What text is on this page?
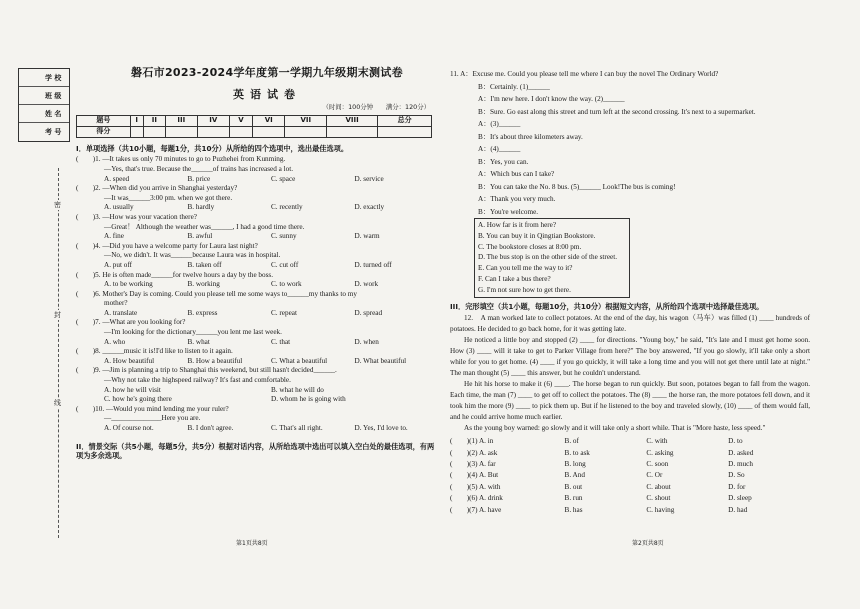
学 校
班 级
姓 名
考 号
密
封
线
磐石市2023-2024学年度第一学期九年级期末测试卷
英语试卷
（时间：100分钟　　满分：120分）
题号	I	II	III	IV	V	VI	VII	VIII	总分
得分									
I．单项选择（共10小题，每题1分，共10分）从所给的四个选项中，选出最佳选项。
(　　)1. —It takes us only 70 minutes to go to Puzhehei from Kunming.
—Yes, that's true. Because the______of trains has increased a lot.
A. speed	B. price	C. space	D. service
(　　)2. —When did you arrive in Shanghai yesterday?
—It was______3:00 pm. when we got there.
A. usually	B. hardly	C. recently	D. exactly
(　　)3. —How was your vacation there?
—Great！ Although the weather was______, I had a good time there.
A. fine	B. awful	C. sunny	D. warm
(　　)4. —Did you have a welcome party for Laura last night?
—No, we didn't. It was______because Laura was in hospital.
A. put off	B. taken off	C. cut off	D. turned off
(　　)5. He is often made______for twelve hours a day by the boss.
A. to be working	B. working	C. to work	D. work
(　　)6. Mother's Day is coming. Could you please tell me some ways to______my thanks to my
mother?
A. translate	B. express	C. repeat	D. spread
(　　)7. —What are you looking for?
—I'm looking for the dictionary______you lent me last week.
A. who	B. what	C. that	D. when
(　　)8. ______music it is!I'd like to listen to it again.
A. How beautiful	B. How a beautiful	C. What a beautiful	D. What beautiful
(　　)9. —Jim is planning a trip to Shanghai this weekend, but still hasn't decided______.
—Why not take the highspeed railway? It's fast and comfortable.
A. how he will visit	B. what he will do
C. how he's going there	D. whom he is going with
(　　)10. —Would you mind lending me your ruler?
—______________Here you are.
A. Of course not.	B. I don't agree.	C. That's all right.	D. Yes, I'd love to.
II．情景交际（共5小题，每题5分，共5分）根据对话内容，从所给选项中选出可以填入空白处的最佳选项，有两项为多余选项。
11. A：Excuse me. Could you please tell me where I can buy the novel The Ordinary World?
B：Certainly. (1)______
A：I'm new here. I don't know the way. (2)______
B：Sure. Go east along this street and turn left at the second crossing. It's next to a supermarket.
A：(3)______
B：It's about three kilometers away.
A：(4)______
B：Yes, you can.
A：Which bus can I take?
B：You can take the No. 8 bus. (5)______ Look!The bus is coming!
A：Thank you very much.
B：You're welcome.
A. How far is it from here?
B. You can buy it in Qingtian Bookstore.
C. The bookstore closes at 8:00 pm.
D. The bus stop is on the other side of the street.
E. Can you tell me the way to it?
F. Can I take a bus there?
G. I'm not sure how to get there.
III．完形填空（共1小题，每题10分，共10分）根据短文内容，从所给四个选项中选择最佳选项。
12.　A man worked late to collect potatoes. At the end of the day, his wagon（马车）was filled (1) ____ hundreds of potatoes. He decided to go back home, for it was getting late.
He noticed a little boy and stopped (2) ____ for directions. "Young boy," he said, "It's late and I must get home soon. How (3) ____ will it take to get to Parker Village from here?" The boy answered, "If you go slowly, it'll take only a short while for you to get home. (4) ____ if you go quickly, it will take a long time and you will not get there until late at night." The man thought (5) ____ this answer, but he couldn't understand.
He hit his horse to make it (6) ____. The horse began to run quickly. But soon, potatoes began to fall from the wagon. Each time, the man (7) ____ to get off to collect the potatoes. The (8) ____ the horse ran, the more potatoes fell down, and it took him the more (9) ____ to pick them up. But if he listened to the boy and traveled slowly, (10) ____ of them would fall, and he could arrive home much earlier.
As the young boy warned: go slowly and it will take only a short while. That is "More haste, less speed."
(　　)(1) A. in	B. of	C. with	D. to
(　　)(2) A. ask	B. to ask	C. asking	D. asked
(　　)(3) A. far	B. long	C. soon	D. much
(　　)(4) A. But	B. And	C. Or	D. So
(　　)(5) A. with	B. out	C. about	D. for
(　　)(6) A. drink	B. run	C. shout	D. sleep
(　　)(7) A. have	B. has	C. having	D. had
第1页共8页	第2页共8页
